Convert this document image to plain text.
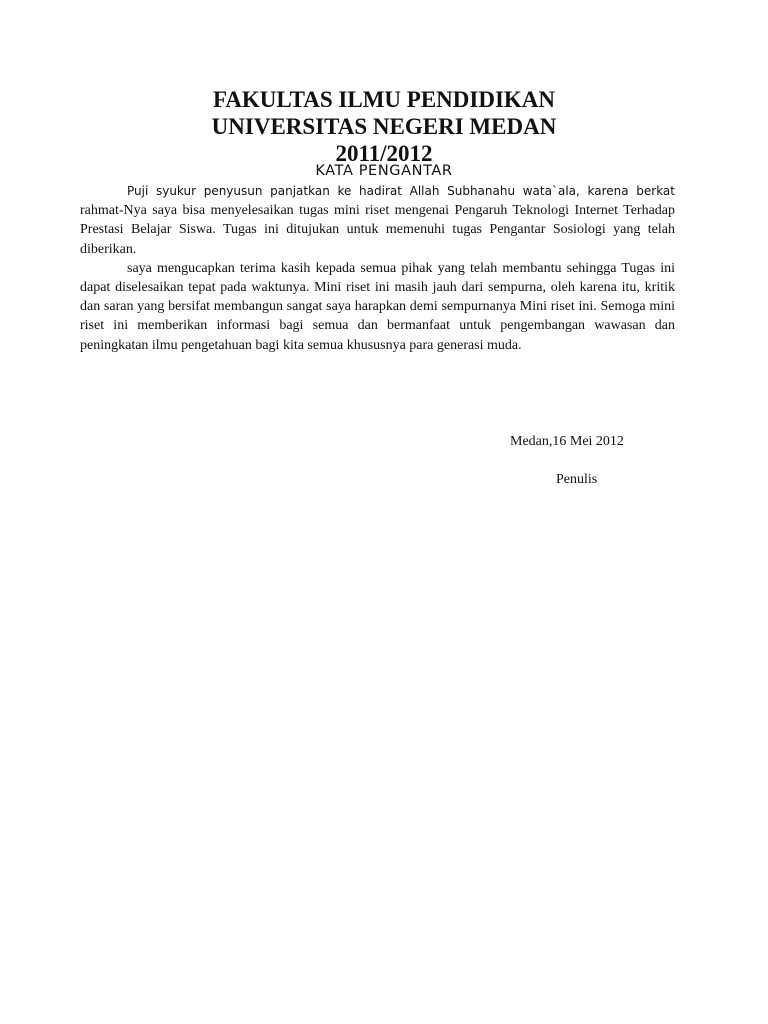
FAKULTAS ILMU PENDIDIKAN

UNIVERSITAS NEGERI MEDAN

2011/2012

KATA PENGANTAR

Puji syukur penyusun panjatkan ke hadirat Allah Subhanahu wata`ala, karena berkat rahmat-Nya saya bisa menyelesaikan tugas mini riset mengenai Pengaruh Teknologi Internet Terhadap Prestasi Belajar Siswa. Tugas ini ditujukan untuk memenuhi tugas Pengantar Sosiologi yang telah diberikan.

saya mengucapkan terima kasih kepada semua pihak yang telah membantu sehingga Tugas ini dapat diselesaikan tepat pada waktunya. Mini riset ini masih jauh dari sempurna, oleh karena itu, kritik dan saran yang bersifat membangun sangat saya harapkan demi sempurnanya Mini riset ini. Semoga mini riset ini memberikan informasi bagi semua dan bermanfaat untuk pengembangan wawasan dan peningkatan ilmu pengetahuan bagi kita semua khususnya para generasi muda.

Medan,16 Mei 2012

Penulis
